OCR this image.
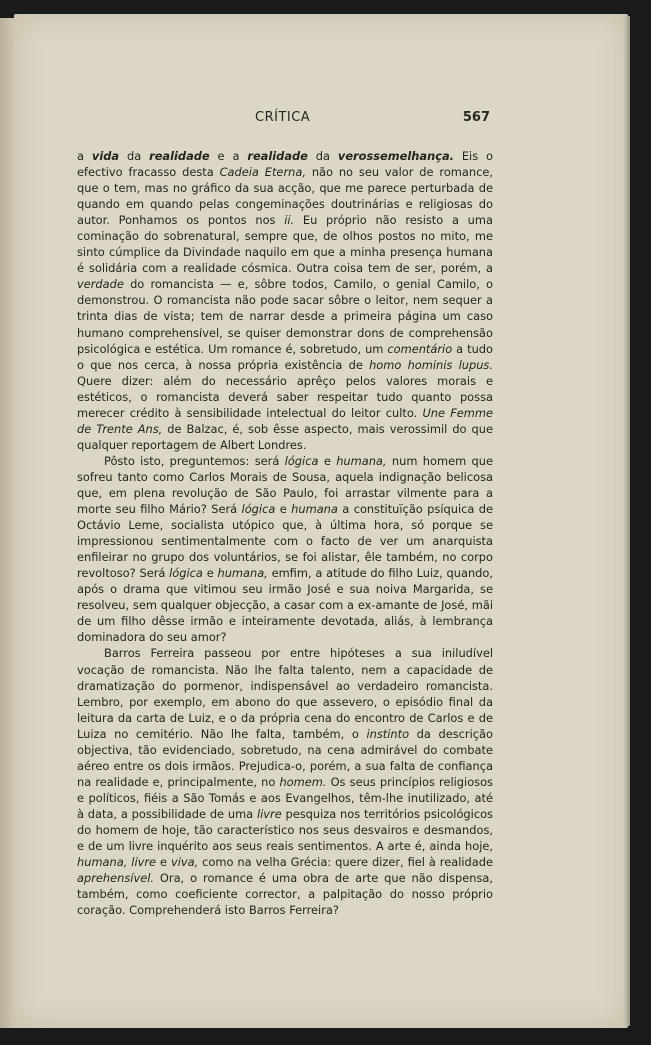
CRÍTICA	567

a vida da realidade e a realidade da verossemelhança. Eis o efectivo fracasso desta Cadeia Eterna, não no seu valor de romance, que o tem, mas no gráfico da sua acção, que me parece perturbada de quando em quando pelas congeminações doutrinárias e religiosas do autor. Ponhamos os pontos nos ii. Eu próprio não resisto a uma cominação do sobrenatural, sempre que, de olhos postos no mito, me sinto cúmplice da Divindade naquilo em que a minha presença humana é solidária com a realidade cósmica. Outra coisa tem de ser, porém, a verdade do romancista — e, sôbre todos, Camilo, o genial Camilo, o demonstrou. O romancista não pode sacar sôbre o leitor, nem sequer a trinta dias de vista; tem de narrar desde a primeira página um caso humano comprehensível, se quiser demonstrar dons de comprehensão psicológica e estética. Um romance é, sobretudo, um comentário a tudo o que nos cerca, à nossa própria existência de homo hominis lupus. Quere dizer: além do necessário aprêço pelos valores morais e estéticos, o romancista deverá saber respeitar tudo quanto possa merecer crédito à sensibilidade intelectual do leitor culto. Une Femme de Trente Ans, de Balzac, é, sob êsse aspecto, mais verossimil do que qualquer reportagem de Albert Londres.

Pôsto isto, preguntemos: será lógica e humana, num homem que sofreu tanto como Carlos Morais de Sousa, aquela indignação belicosa que, em plena revolução de São Paulo, foi arrastar vilmente para a morte seu filho Mário? Será lógica e humana a constituïção psíquica de Octávio Leme, socialista utópico que, à última hora, só porque se impressionou sentimentalmente com o facto de ver um anarquista enfileirar no grupo dos voluntários, se foi alistar, êle também, no corpo revoltoso? Será lógica e humana, emfim, a atitude do filho Luiz, quando, após o drama que vitimou seu irmão José e sua noiva Margarida, se resolveu, sem qualquer objecção, a casar com a ex-amante de José, mãi de um filho dêsse irmão e inteiramente devotada, aliás, à lembrança dominadora do seu amor?

Barros Ferreira passeou por entre hipóteses a sua iniludível vocação de romancista. Não lhe falta talento, nem a capacidade de dramatização do pormenor, indispensável ao verdadeiro romancista. Lembro, por exemplo, em abono do que assevero, o episódio final da leitura da carta de Luiz, e o da própria cena do encontro de Carlos e de Luiza no cemitério. Não lhe falta, também, o instinto da descrição objectiva, tão evidenciado, sobretudo, na cena admirável do combate aéreo entre os dois irmãos. Prejudica-o, porém, a sua falta de confiança na realidade e, principalmente, no homem. Os seus princípios religiosos e políticos, fiéis a São Tomás e aos Evangelhos, têm-lhe inutilizado, até à data, a possibilidade de uma livre pesquiza nos territórios psicológicos do homem de hoje, tão característico nos seus desvairos e desmandos, e de um livre inquérito aos seus reais sentimentos. A arte é, ainda hoje, humana, livre e viva, como na velha Grécia: quere dizer, fiel à realidade aprehensível. Ora, o romance é uma obra de arte que não dispensa, também, como coeficiente corrector, a palpitação do nosso próprio coração. Comprehenderá isto Barros Ferreira?
